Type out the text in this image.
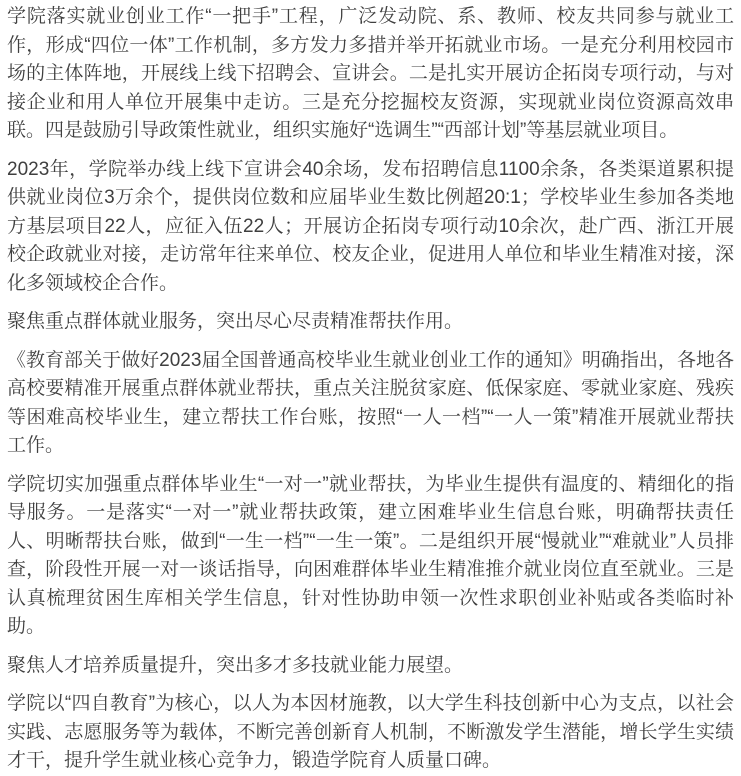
学院落实就业创业工作“一把手”工程，广泛发动院、系、教师、校友共同参与就业工作，形成“四位一体”工作机制，多方发力多措并举开拓就业市场。一是充分利用校园市场的主体阵地，开展线上线下招聘会、宣讲会。二是扎实开展访企拓岗专项行动，与对接企业和用人单位开展集中走访。三是充分挖掘校友资源，实现就业岗位资源高效串联。四是鼓励引导政策性就业，组织实施好“选调生”“西部计划”等基层就业项目。

2023年，学院举办线上线下宣讲会40余场，发布招聘信息1100余条，各类渠道累积提供就业岗位3万余个，提供岗位数和应届毕业生数比例超20:1；学校毕业生参加各类地方基层项目22人，应征入伍22人；开展访企拓岗专项行动10余次，赴广西、浙江开展校企政就业对接，走访常年往来单位、校友企业，促进用人单位和毕业生精准对接，深化多领域校企合作。

聚焦重点群体就业服务，突出尽心尽责精准帮扶作用。

《教育部关于做好2023届全国普通高校毕业生就业创业工作的通知》明确指出，各地各高校要精准开展重点群体就业帮扶，重点关注脱贫家庭、低保家庭、零就业家庭、残疾等困难高校毕业生，建立帮扶工作台账，按照“一人一档”“一人一策”精准开展就业帮扶工作。

学院切实加强重点群体毕业生“一对一”就业帮扶，为毕业生提供有温度的、精细化的指导服务。一是落实“一对一”就业帮扶政策，建立困难毕业生信息台账，明确帮扶责任人、明晰帮扶台账，做到“一生一档”“一生一策”。二是组织开展“慢就业”“难就业”人员排查，阶段性开展一对一谈话指导，向困难群体毕业生精准推介就业岗位直至就业。三是认真梳理贫困生库相关学生信息，针对性协助申领一次性求职创业补贴或各类临时补助。

聚焦人才培养质量提升，突出多才多技就业能力展望。

学院以“四自教育”为核心，以人为本因材施教，以大学生科技创新中心为支点，以社会实践、志愿服务等为载体，不断完善创新育人机制，不断激发学生潜能，增长学生实绩才干，提升学生就业核心竞争力，锻造学院育人质量口碑。
